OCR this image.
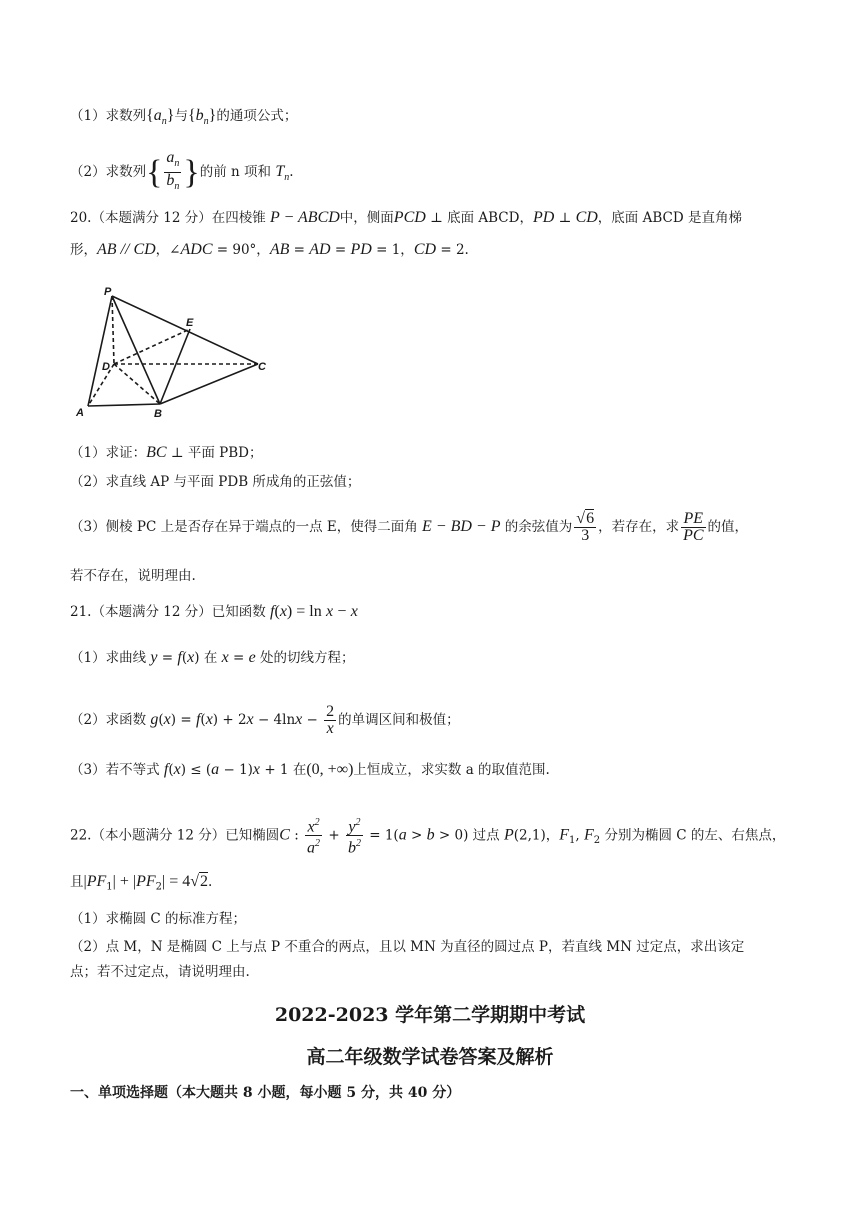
（1）求数列$\{a_n\}$与$\{b_n\}$的通项公式；
（2）求数列{ $\frac{a_n}{b_n}$ }的前 n 项和 $T_n$.
20.（本题满分 12 分）在四棱锥 P − ABCD中，侧面PCD ⊥ 底面 ABCD，PD ⊥ CD，底面 ABCD 是直角梯
形，AB // CD，∠ADC = 90°，AB = AD = PD = 1，CD = 2.
P
E
D	C
A	B
（1）求证：BC ⊥ 平面 PBD；
（2）求直线 AP 与平面 PDB 所成角的正弦值；
（3）侧棱 PC 上是否存在异于端点的一点 E，使得二面角 E − BD − P 的余弦值为 $\frac{√6}{3}$ ，若存在，求 $\frac{PE}{PC}$ 的值，
若不存在，说明理由.
21.（本题满分 12 分）已知函数 f(x) = ln x − x
（1）求曲线 y = f(x) 在 x = e 处的切线方程；
（2）求函数 $g(x) = f(x) + 2x - 4\ln x - \frac{2}{x}$ 的单调区间和极值；
（3）若不等式 f(x) ≤ (a − 1)x + 1 在(0, +∞)上恒成立，求实数 a 的取值范围.
22.（本小题满分 12 分）已知椭圆C : $\frac{x^2}{a^2} + \frac{y^2}{b^2} = 1(a > b > 0)$ 过点 P(2,1)，$F_1$, $F_2$ 分别为椭圆 C 的左、右焦点，
且$|PF_1| + |PF_2| = 4√2$.
（1）求椭圆 C 的标准方程；
（2）点 M，N 是椭圆 C 上与点 P 不重合的两点，且以 MN 为直径的圆过点 P，若直线 MN 过定点，求出该定
点；若不过定点，请说明理由.
2022-2023 学年第二学期期中考试
高二年级数学试卷答案及解析
一、单项选择题（本大题共 8 小题，每小题 5 分，共 40 分）
